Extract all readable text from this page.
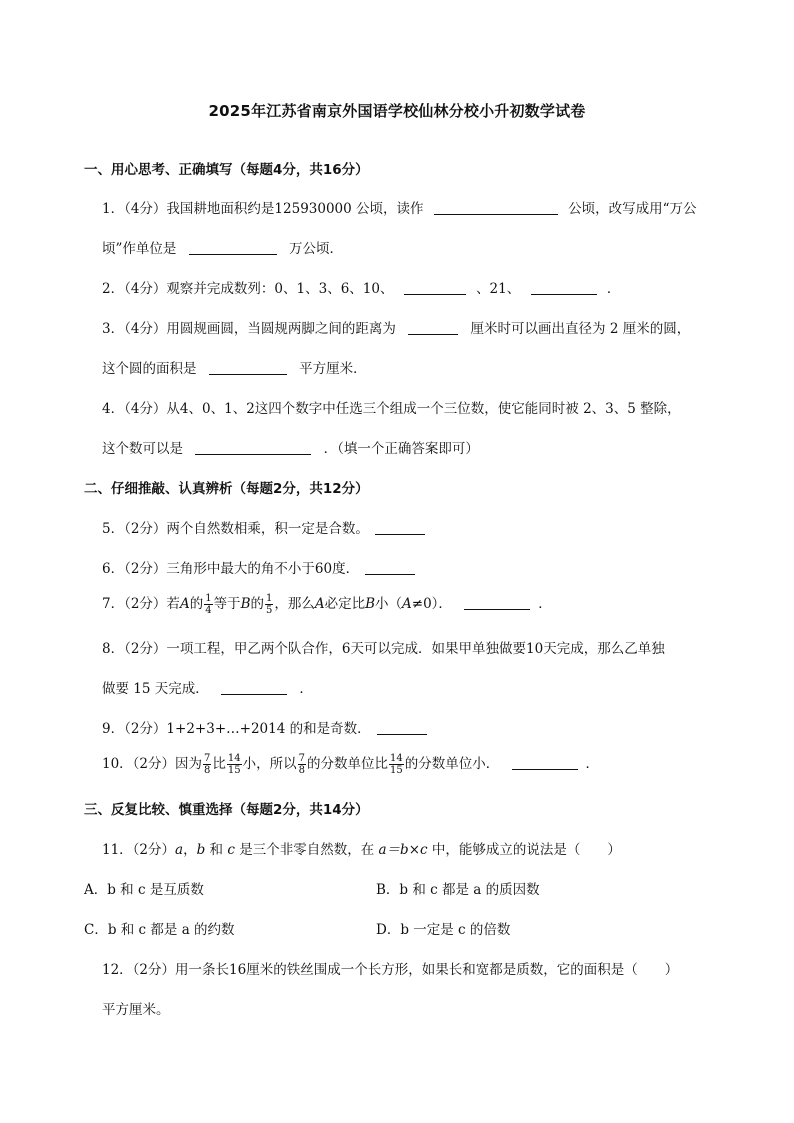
2025年江苏省南京外国语学校仙林分校小升初数学试卷
一、用心思考、正确填写（每题4分，共16分）
1．（4分）我国耕地面积约是125930000 公顷，读作	公顷，改写成用“万公
顷”作单位是	万公顷．
2．（4分）观察并完成数列：0、1、3、6、10、	、21、	．
3．（4分）用圆规画圆，当圆规两脚之间的距离为	厘米时可以画出直径为 2 厘米的圆，
这个圆的面积是	平方厘米．
4．（4分）从4、0、1、2这四个数字中任选三个组成一个三位数，使它能同时被 2、3、5 整除，
这个数可以是	．（填一个正确答案即可）
二、仔细推敲、认真辨析（每题2分，共12分）
5．（2分）两个自然数相乘，积一定是合数。
6．（2分）三角形中最大的角不小于60度．
7．（2分）若A的 $\frac{1}{4}$ 等于B的 $\frac{1}{5}$ ，那么A必定比B小（A≠0）．	．
8．（2分）一项工程，甲乙两个队合作，6天可以完成．如果甲单独做要10天完成，那么乙单独
做要 15 天完成．	．
9．（2分）1+2+3+…+2014 的和是奇数．
10．（2分）因为 $\frac{7}{8}$ 比 $\frac{14}{15}$ 小，所以 $\frac{7}{8}$ 的分数单位比 $\frac{14}{15}$ 的分数单位小．	．
三、反复比较、慎重选择（每题2分，共14分）
11．（2分）a，b 和 c 是三个非零自然数，在 a＝b×c 中，能够成立的说法是（　　）
A．b 和 c 是互质数	B．b 和 c 都是 a 的质因数
C．b 和 c 都是 a 的约数	D．b 一定是 c 的倍数
12．（2分）用一条长16厘米的铁丝围成一个长方形，如果长和宽都是质数，它的面积是（　　）
平方厘米。
